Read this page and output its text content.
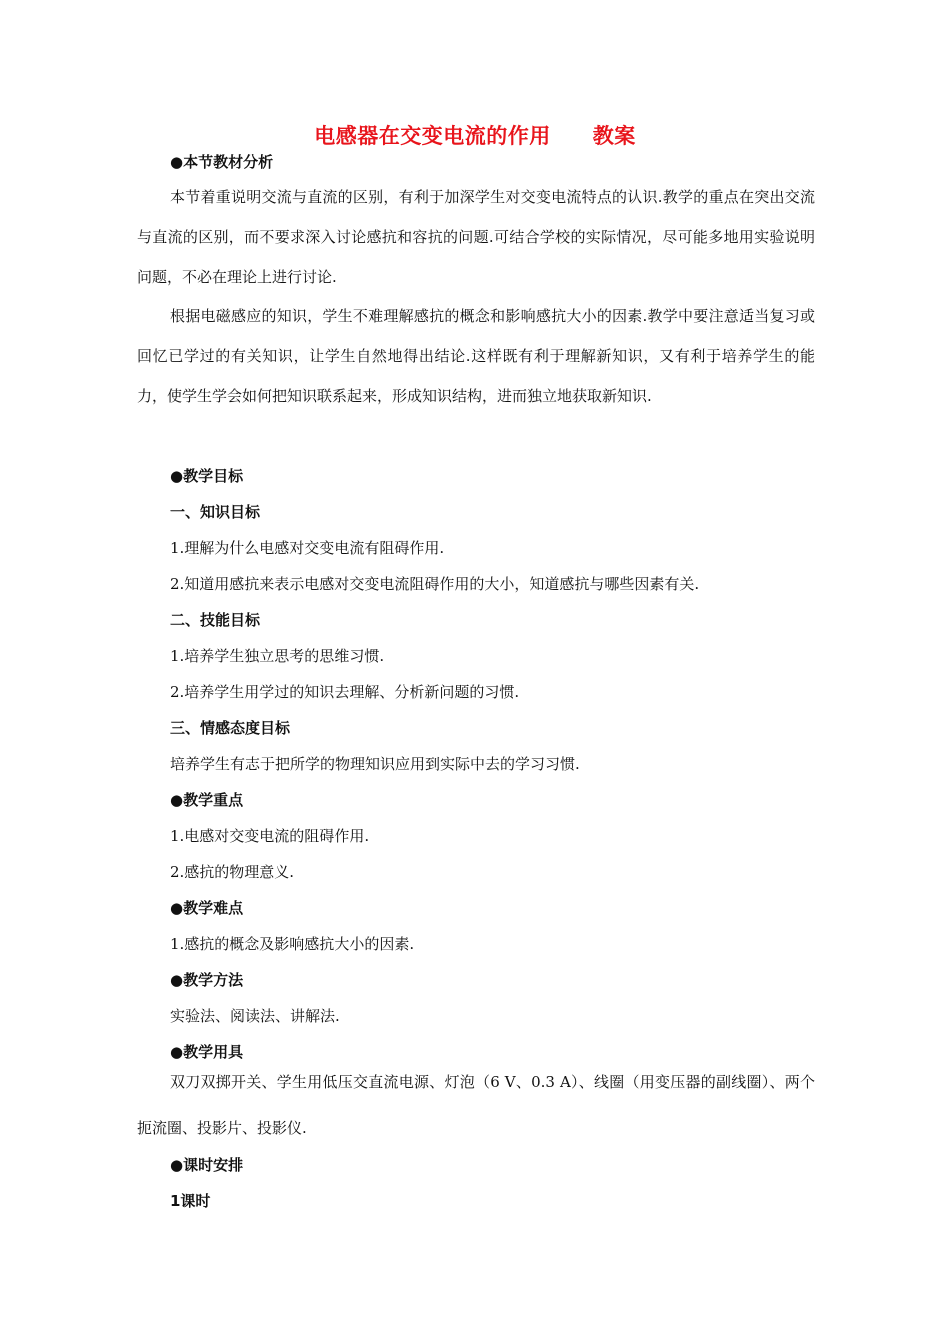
电感器在交变电流的作用 教案
●本节教材分析
本节着重说明交流与直流的区别，有利于加深学生对交变电流特点的认识.教学的重点在突出交流与直流的区别，而不要求深入讨论感抗和容抗的问题.可结合学校的实际情况，尽可能多地用实验说明问题，不必在理论上进行讨论.
根据电磁感应的知识，学生不难理解感抗的概念和影响感抗大小的因素.教学中要注意适当复习或回忆已学过的有关知识，让学生自然地得出结论.这样既有利于理解新知识，又有利于培养学生的能力，使学生学会如何把知识联系起来，形成知识结构，进而独立地获取新知识.
●教学目标
一、知识目标
1.理解为什么电感对交变电流有阻碍作用.
2.知道用感抗来表示电感对交变电流阻碍作用的大小，知道感抗与哪些因素有关.
二、技能目标
1.培养学生独立思考的思维习惯.
2.培养学生用学过的知识去理解、分析新问题的习惯.
三、情感态度目标
培养学生有志于把所学的物理知识应用到实际中去的学习习惯.
●教学重点
1.电感对交变电流的阻碍作用.
2.感抗的物理意义.
●教学难点
1.感抗的概念及影响感抗大小的因素.
●教学方法
实验法、阅读法、讲解法.
●教学用具
双刀双掷开关、学生用低压交直流电源、灯泡（6 V、0.3 A）、线圈（用变压器的副线圈）、两个扼流圈、投影片、投影仪.
●课时安排
1课时
